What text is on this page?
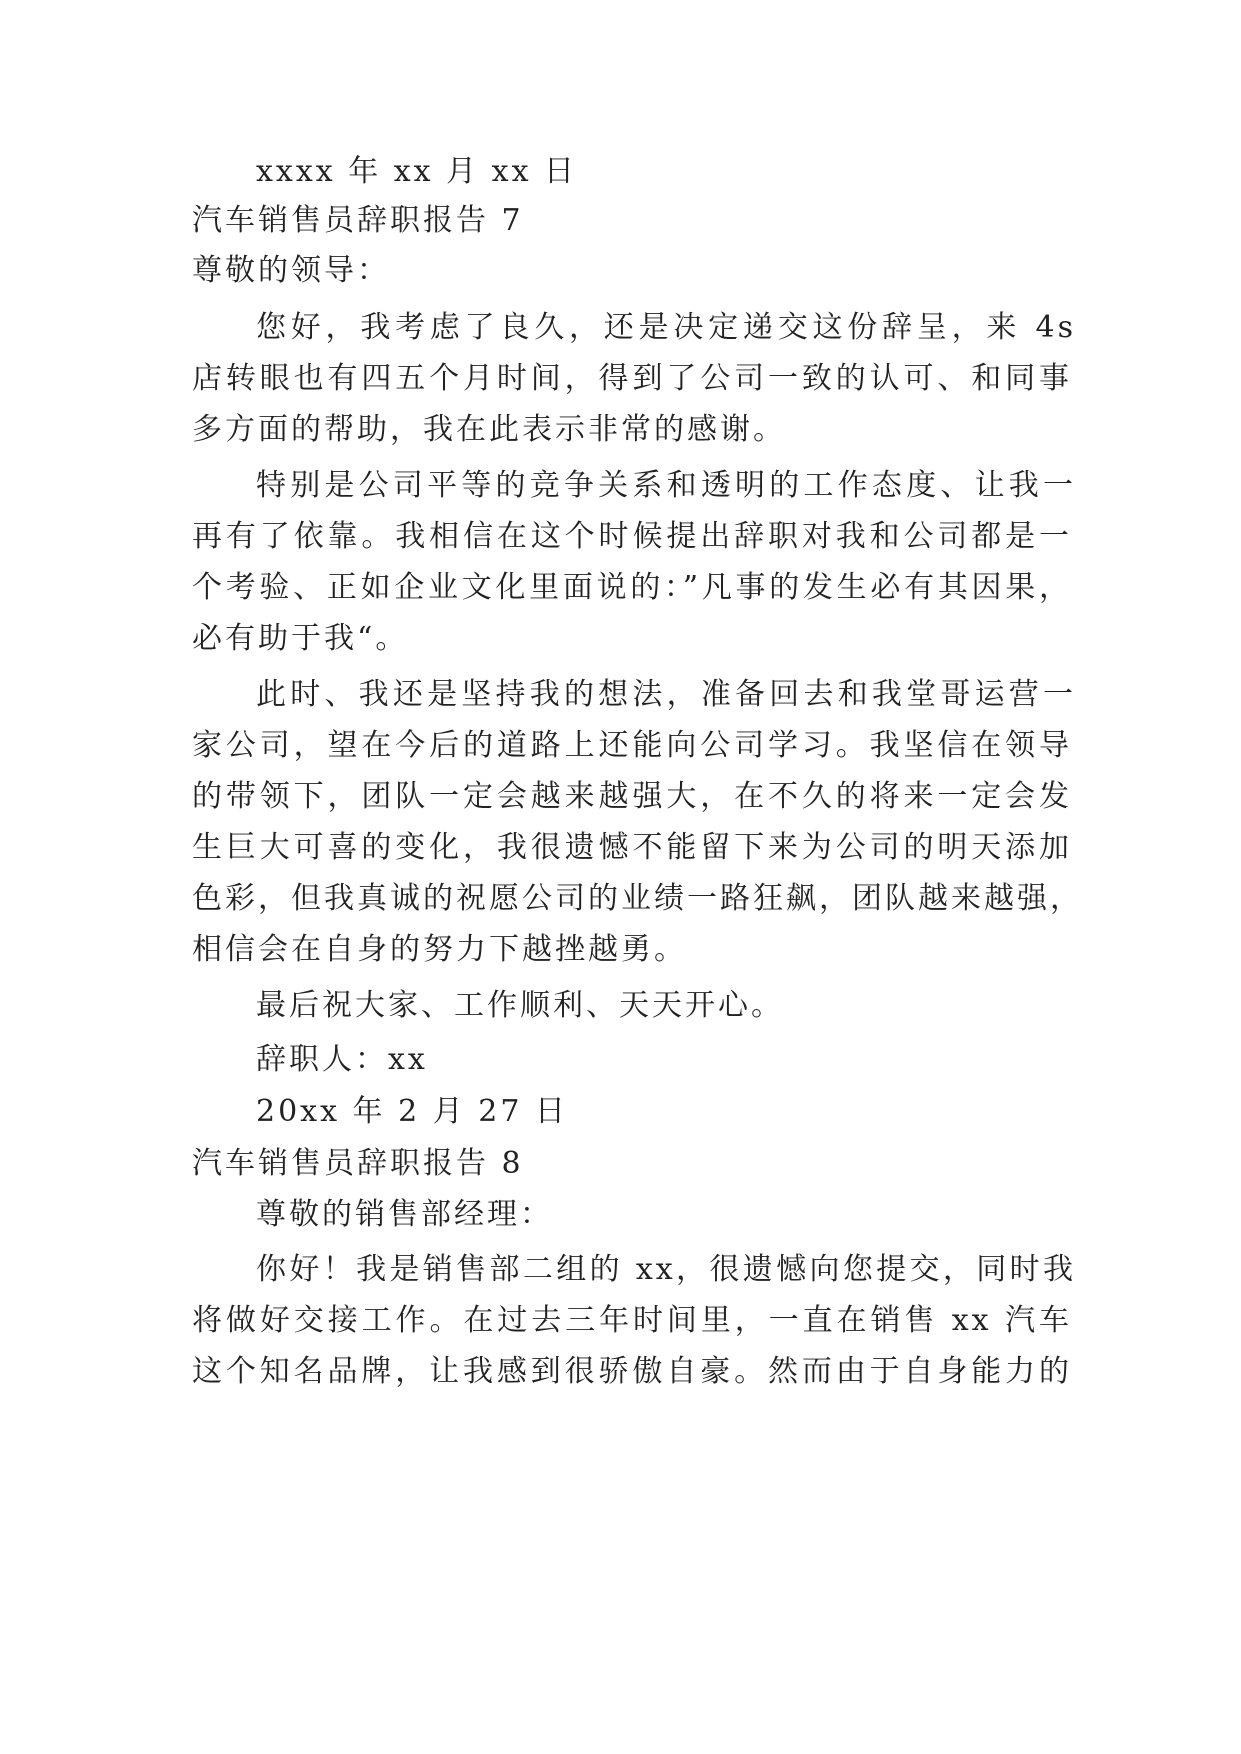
xxxx 年 xx 月 xx 日
汽车销售员辞职报告 7
尊敬的领导：
您好，我考虑了良久，还是决定递交这份辞呈，来 4s
店转眼也有四五个月时间，得到了公司一致的认可、和同事
多方面的帮助，我在此表示非常的感谢。
特别是公司平等的竞争关系和透明的工作态度、让我一
再有了依靠。我相信在这个时候提出辞职对我和公司都是一
个考验、正如企业文化里面说的：”凡事的发生必有其因果，
必有助于我“。
此时、我还是坚持我的想法，准备回去和我堂哥运营一
家公司，望在今后的道路上还能向公司学习。我坚信在领导
的带领下，团队一定会越来越强大，在不久的将来一定会发
生巨大可喜的变化，我很遗憾不能留下来为公司的明天添加
色彩，但我真诚的祝愿公司的业绩一路狂飙，团队越来越强，
相信会在自身的努力下越挫越勇。
最后祝大家、工作顺利、天天开心。
辞职人：xx
20xx 年 2 月 27 日
汽车销售员辞职报告 8
尊敬的销售部经理：
你好！我是销售部二组的 xx，很遗憾向您提交，同时我
将做好交接工作。在过去三年时间里，一直在销售 xx 汽车
这个知名品牌，让我感到很骄傲自豪。然而由于自身能力的
